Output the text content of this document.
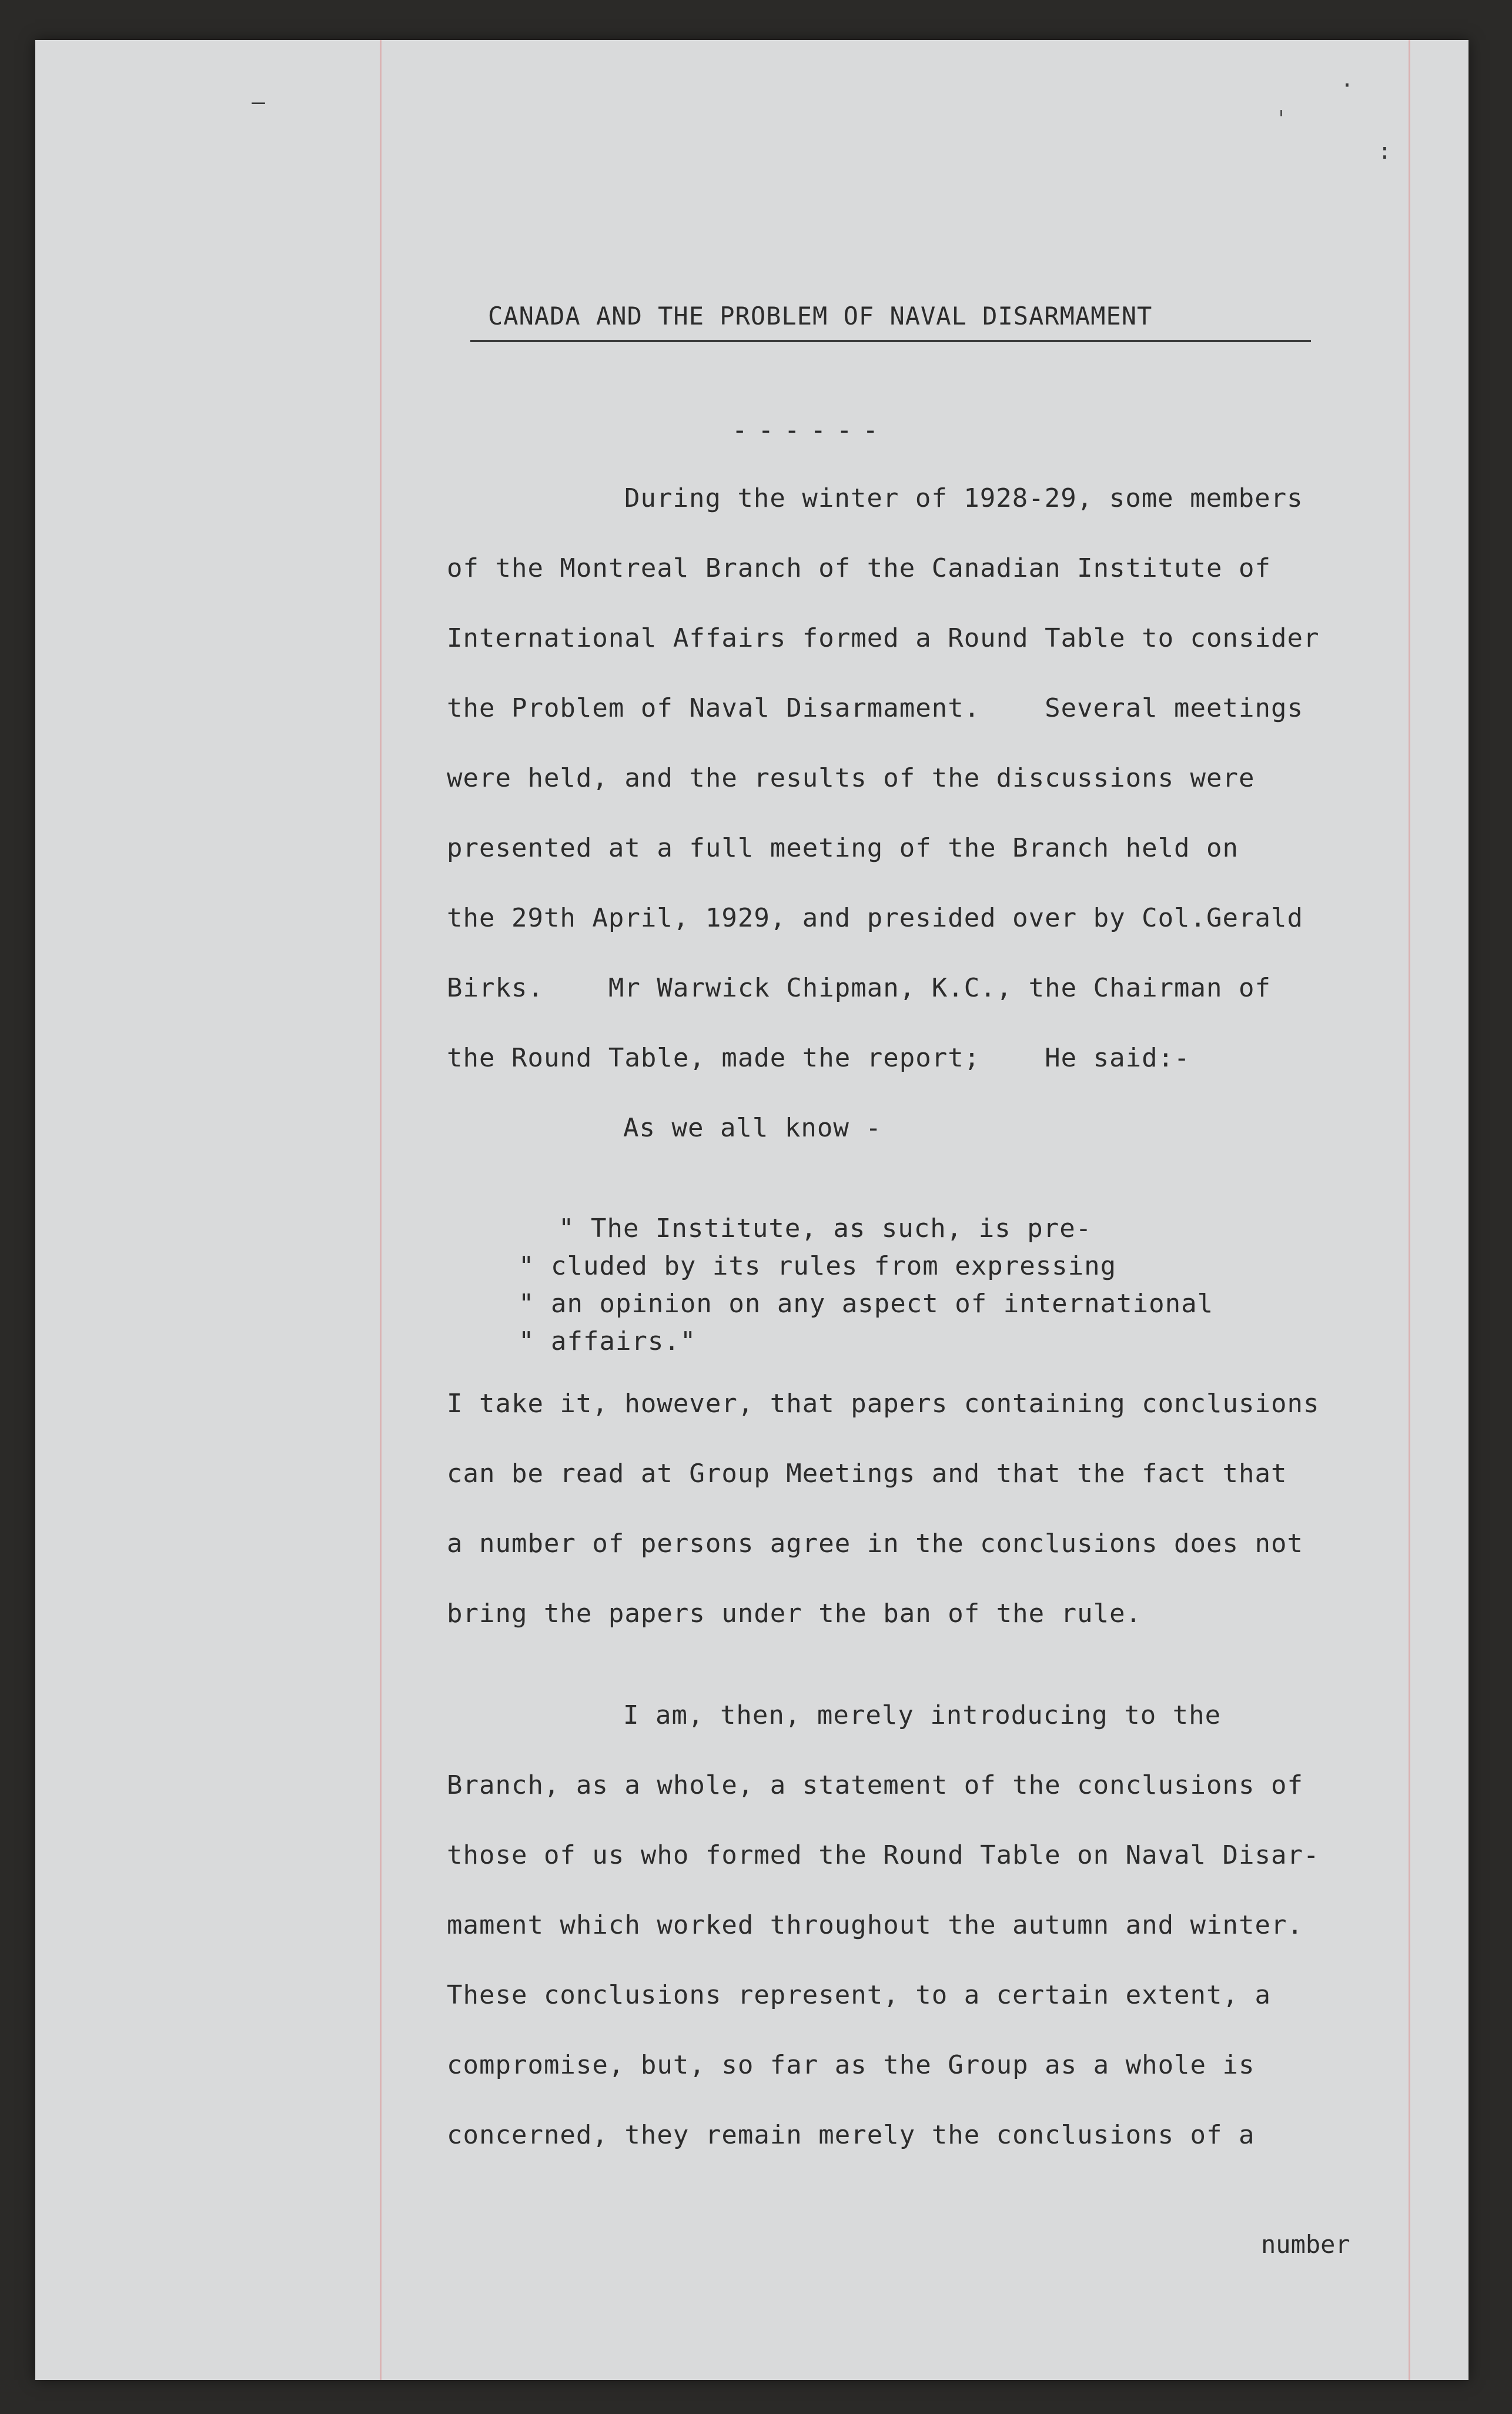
–
ˈ
·
:
CANADA AND THE PROBLEM OF NAVAL DISARMAMENT
------
During the winter of 1928-29, some members
of the Montreal Branch of the Canadian Institute of
International Affairs formed a Round Table to consider
the Problem of Naval Disarmament.    Several meetings
were held, and the results of the discussions were
presented at a full meeting of the Branch held on
the 29th April, 1929, and presided over by Col.Gerald
Birks.    Mr Warwick Chipman, K.C., the Chairman of
the Round Table, made the report;    He said:-
As we all know -
" The Institute, as such, is pre-
" cluded by its rules from expressing
" an opinion on any aspect of international
" affairs."
I take it, however, that papers containing conclusions
can be read at Group Meetings and that the fact that
a number of persons agree in the conclusions does not
bring the papers under the ban of the rule.
I am, then, merely introducing to the
Branch, as a whole, a statement of the conclusions of
those of us who formed the Round Table on Naval Disar-
mament which worked throughout the autumn and winter.
These conclusions represent, to a certain extent, a
compromise, but, so far as the Group as a whole is
concerned, they remain merely the conclusions of a
number
